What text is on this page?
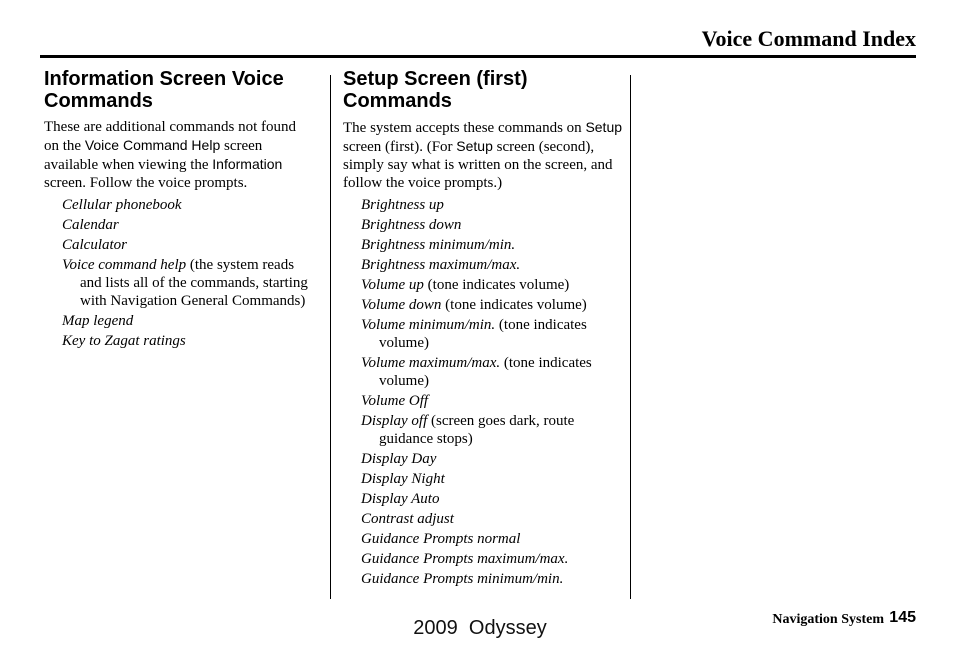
Voice Command Index
Information Screen Voice Commands

These are additional commands not found on the Voice Command Help screen available when viewing the Information screen. Follow the voice prompts.

Cellular phonebook
Calendar
Calculator
Voice command help (the system reads and lists all of the commands, starting with Navigation General Commands)
Map legend
Key to Zagat ratings
Setup Screen (first) Commands

The system accepts these commands on Setup screen (first). (For Setup screen (second), simply say what is written on the screen, and follow the voice prompts.)

Brightness up
Brightness down
Brightness minimum/min.
Brightness maximum/max.
Volume up (tone indicates volume)
Volume down (tone indicates volume)
Volume minimum/min. (tone indicates volume)
Volume maximum/max. (tone indicates volume)
Volume Off
Display off (screen goes dark, route guidance stops)
Display Day
Display Night
Display Auto
Contrast adjust
Guidance Prompts normal
Guidance Prompts maximum/max.
Guidance Prompts minimum/min.
Navigation System 145
2009  Odyssey
